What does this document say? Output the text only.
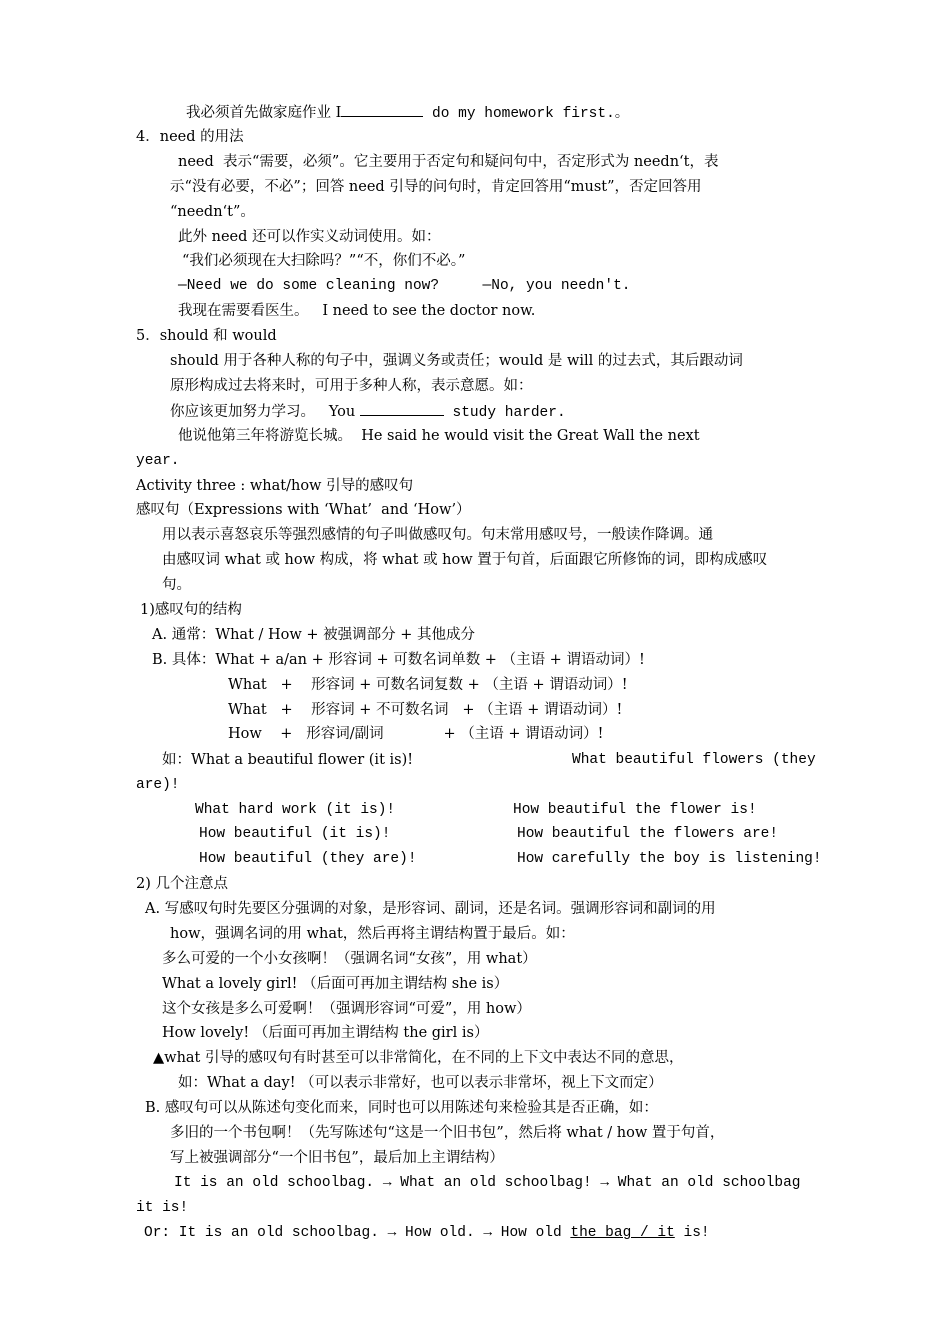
我必须首先做家庭作业 I	do my homework first.。
4．need 的用法
need  表示“需要，必须”。它主要用于否定句和疑问句中，否定形式为 needn‘t，表
示“没有必要，不必”；回答 need 引导的问句时，肯定回答用“must”，否定回答用
“needn‘t”。
此外 need 还可以作实义动词使用。如：
“我们必须现在大扫除吗？”“不，你们不必。”
—Need we do some cleaning now?     —No, you needn't.
我现在需要看医生。   I need to see the doctor now.
5．should 和 would
should 用于各种人称的句子中，强调义务或责任；would 是 will 的过去式，其后跟动词
原形构成过去将来时，可用于多种人称，表示意愿。如：
你应该更加努力学习。   You	study harder.
他说他第三年将游览长城。  He said he would visit the Great Wall the next
year.
Activity three : what/how 引导的感叹句
感叹句（Expressions with ‘What’  and ‘How’）
用以表示喜怒哀乐等强烈感情的句子叫做感叹句。句末常用感叹号，一般读作降调。通
由感叹词 what 或 how 构成，将 what 或 how 置于句首，后面跟它所修饰的词，即构成感叹
句。
1)感叹句的结构
A. 通常：What / How + 被强调部分 + 其他成分
B. 具体：What + a/an + 形容词 + 可数名词单数 + （主语 + 谓语动词）!
What   +    形容词 + 可数名词复数 + （主语 + 谓语动词）!
What   +    形容词 + 不可数名词   + （主语 + 谓语动词）!
How    +   形容词/副词             + （主语 + 谓语动词）!
如：What a beautiful flower (it is)!	What beautiful flowers (they
are)!
What hard work (it is)!	How beautiful the flower is!
How beautiful (it is)!	How beautiful the flowers are!
How beautiful (they are)!	How carefully the boy is listening!
2) 几个注意点
A. 写感叹句时先要区分强调的对象，是形容词、副词，还是名词。强调形容词和副词的用
how，强调名词的用 what，然后再将主谓结构置于最后。如：
多么可爱的一个小女孩啊！（强调名词“女孩”，用 what）
What a lovely girl! （后面可再加主谓结构 she is）
这个女孩是多么可爱啊！（强调形容词“可爱”，用 how）
How lovely! （后面可再加主谓结构 the girl is）
▲what 引导的感叹句有时甚至可以非常简化，在不同的上下文中表达不同的意思，
如：What a day! （可以表示非常好，也可以表示非常坏，视上下文而定）
B. 感叹句可以从陈述句变化而来，同时也可以用陈述句来检验其是否正确，如：
多旧的一个书包啊！（先写陈述句“这是一个旧书包”，然后将 what / how 置于句首，
写上被强调部分“一个旧书包”，最后加上主谓结构）
It is an old schoolbag. → What an old schoolbag! → What an old schoolbag
it is!
Or: It is an old schoolbag. → How old. → How old the bag / it is!
